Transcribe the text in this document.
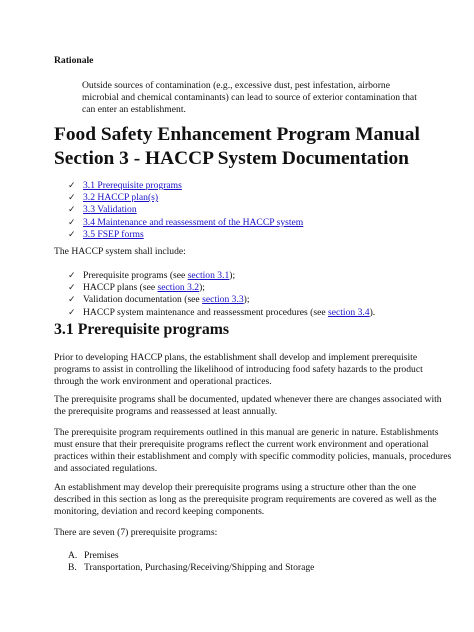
Rationale
Outside sources of contamination (e.g., excessive dust, pest infestation, airborne microbial and chemical contaminants) can lead to source of exterior contamination that can enter an establishment.
Food Safety Enhancement Program Manual
Section 3 - HACCP System Documentation
✓ 3.1 Prerequisite programs
✓ 3.2 HACCP plan(s)
✓ 3.3 Validation
✓ 3.4 Maintenance and reassessment of the HACCP system
✓ 3.5 FSEP forms
The HACCP system shall include:
✓ Prerequisite programs (see section 3.1);
✓ HACCP plans (see section 3.2);
✓ Validation documentation (see section 3.3);
✓ HACCP system maintenance and reassessment procedures (see section 3.4).
3.1 Prerequisite programs

Prior to developing HACCP plans, the establishment shall develop and implement prerequisite programs to assist in controlling the likelihood of introducing food safety hazards to the product through the work environment and operational practices.

The prerequisite programs shall be documented, updated whenever there are changes associated with the prerequisite programs and reassessed at least annually.

The prerequisite program requirements outlined in this manual are generic in nature. Establishments must ensure that their prerequisite programs reflect the current work environment and operational practices within their establishment and comply with specific commodity policies, manuals, procedures and associated regulations.

An establishment may develop their prerequisite programs using a structure other than the one described in this section as long as the prerequisite program requirements are covered as well as the monitoring, deviation and record keeping components.

There are seven (7) prerequisite programs:

A. Premises
B. Transportation, Purchasing/Receiving/Shipping and Storage
